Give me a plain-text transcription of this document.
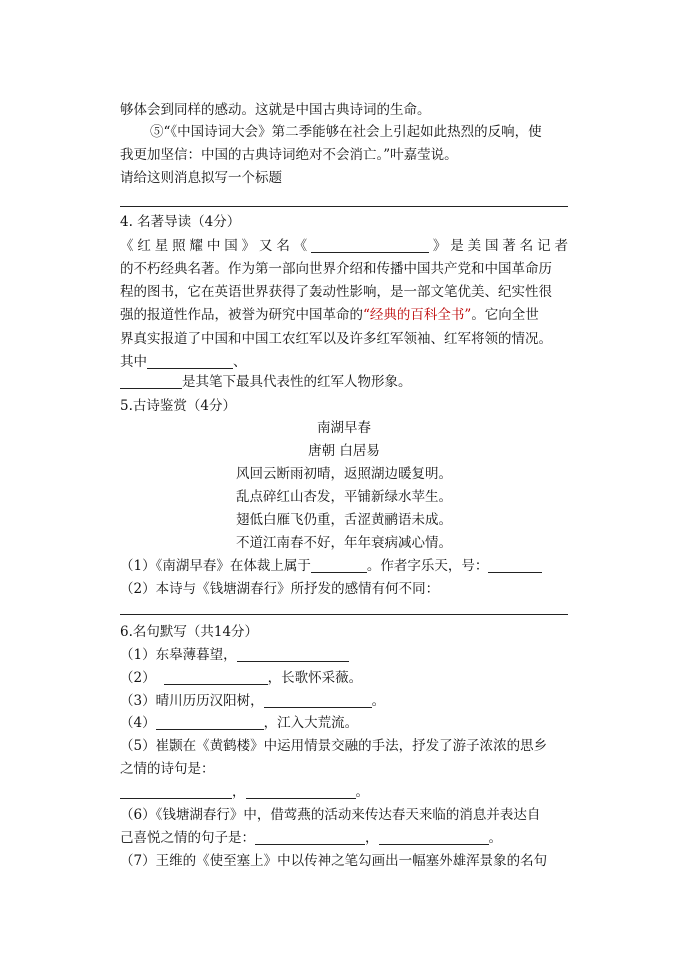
够体会到同样的感动。这就是中国古典诗词的生命。
⑤“《中国诗词大会》第二季能够在社会上引起如此热烈的反响，使
我更加坚信：中国的古典诗词绝对不会消亡。”叶嘉莹说。
请给这则消息拟写一个标题
4. 名著导读（4分）
《红星照耀中国》又名《	》是美国著名记者
的不朽经典名著。作为第一部向世界介绍和传播中国共产党和中国革命历
程的图书，它在英语世界获得了轰动性影响，是一部文笔优美、纪实性很
强的报道性作品，被誉为研究中国革命的“经典的百科全书”。它向全世
界真实报道了中国和中国工农红军以及许多红军领袖、红军将领的情况。
其中	、
是其笔下最具代表性的红军人物形象。
5.古诗鉴赏（4分）
南湖早春
唐朝 白居易
风回云断雨初晴，返照湖边暖复明。
乱点碎红山杏发，平铺新绿水苹生。
翅低白雁飞仍重，舌涩黄鹂语未成。
不道江南春不好，年年衰病减心情。
（1）《南湖早春》在体裁上属于	。作者字乐天，号：
（2）本诗与《钱塘湖春行》所抒发的感情有何不同：
6.名句默写（共14分）
（1）东皋薄暮望，
（2）	，长歌怀采薇。
（3）晴川历历汉阳树，	。
（4）	，江入大荒流。
（5）崔颢在《黄鹤楼》中运用情景交融的手法，抒发了游子浓浓的思乡
之情的诗句是：
，	。
（6）《钱塘湖春行》中，借莺燕的活动来传达春天来临的消息并表达自
己喜悦之情的句子是：	，	。
（7）王维的《使至塞上》中以传神之笔勾画出一幅塞外雄浑景象的名句
